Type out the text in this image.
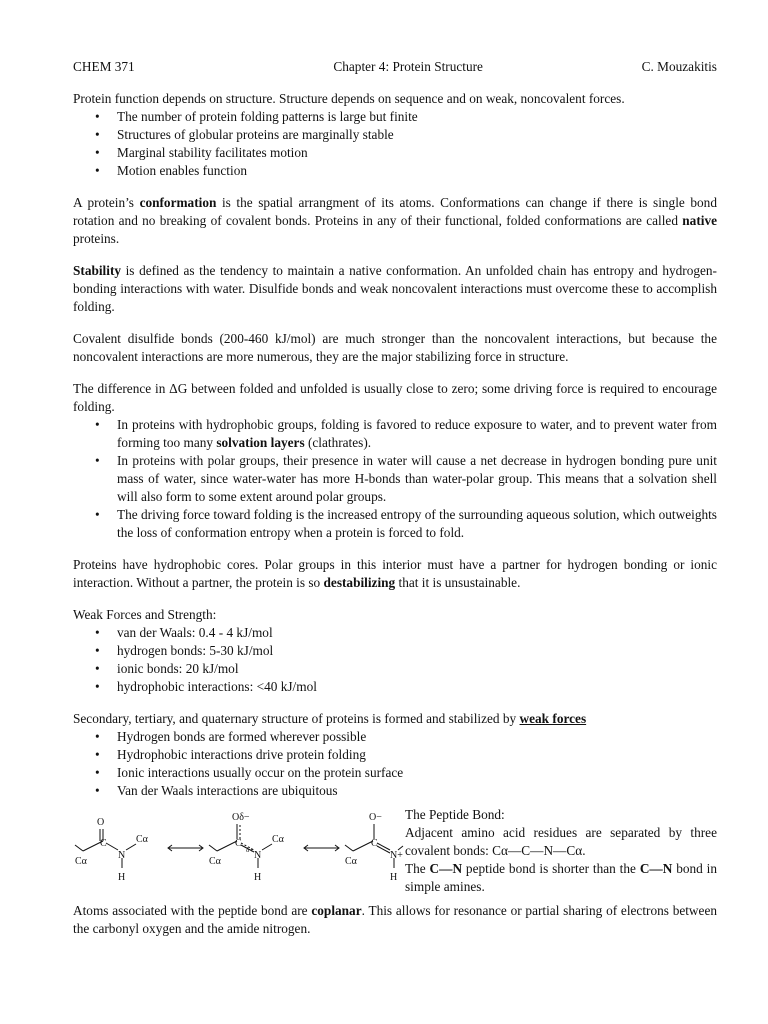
CHEM 371	Chapter 4: Protein Structure	C. Mouzakitis

Protein function depends on structure. Structure depends on sequence and on weak, noncovalent forces.

• The number of protein folding patterns is large but finite
• Structures of globular proteins are marginally stable
• Marginal stability facilitates motion
• Motion enables function

A protein’s conformation is the spatial arrangment of its atoms. Conformations can change if there is single bond rotation and no breaking of covalent bonds. Proteins in any of their functional, folded conformations are called native proteins.

Stability is defined as the tendency to maintain a native conformation. An unfolded chain has entropy and hydrogen-bonding interactions with water. Disulfide bonds and weak noncovalent interactions must overcome these to accomplish folding.

Covalent disulfide bonds (200-460 kJ/mol) are much stronger than the noncovalent interactions, but because the noncovalent interactions are more numerous, they are the major stabilizing force in structure.

The difference in ΔG between folded and unfolded is usually close to zero; some driving force is required to encourage folding.

• In proteins with hydrophobic groups, folding is favored to reduce exposure to water, and to prevent water from forming too many solvation layers (clathrates).
• In proteins with polar groups, their presence in water will cause a net decrease in hydrogen bonding pure unit mass of water, since water-water has more H-bonds than water-polar group. This means that a solvation shell will also form to some extent around polar groups.
• The driving force toward folding is the increased entropy of the surrounding aqueous solution, which outweights the loss of conformation entropy when a protein is forced to fold.

Proteins have hydrophobic cores. Polar groups in this interior must have a partner for hydrogen bonding or ionic interaction. Without a partner, the protein is so destabilizing that it is unsustainable.

Weak Forces and Strength:

• van der Waals: 0.4 - 4 kJ/mol
• hydrogen bonds: 5-30 kJ/mol
• ionic bonds: 20 kJ/mol
• hydrophobic interactions: <40 kJ/mol

Secondary, tertiary, and quaternary structure of proteins is formed and stabilized by weak forces

• Hydrogen bonds are formed wherever possible
• Hydrophobic interactions drive protein folding
• Ionic interactions usually occur on the protein surface
• Van der Waals interactions are ubiquitous
O
C
N
Cα
Cα
H
Oδ−
C
N
δ+
Cα
Cα
H
O−
C
N+
Cα
H

The Peptide Bond:

Adjacent amino acid residues are separated by three covalent bonds: Cα—C—N—Cα.

The C—N peptide bond is shorter than the C—N bond in simple amines.

Atoms associated with the peptide bond are coplanar. This allows for resonance or partial sharing of electrons between the carbonyl oxygen and the amide nitrogen.
